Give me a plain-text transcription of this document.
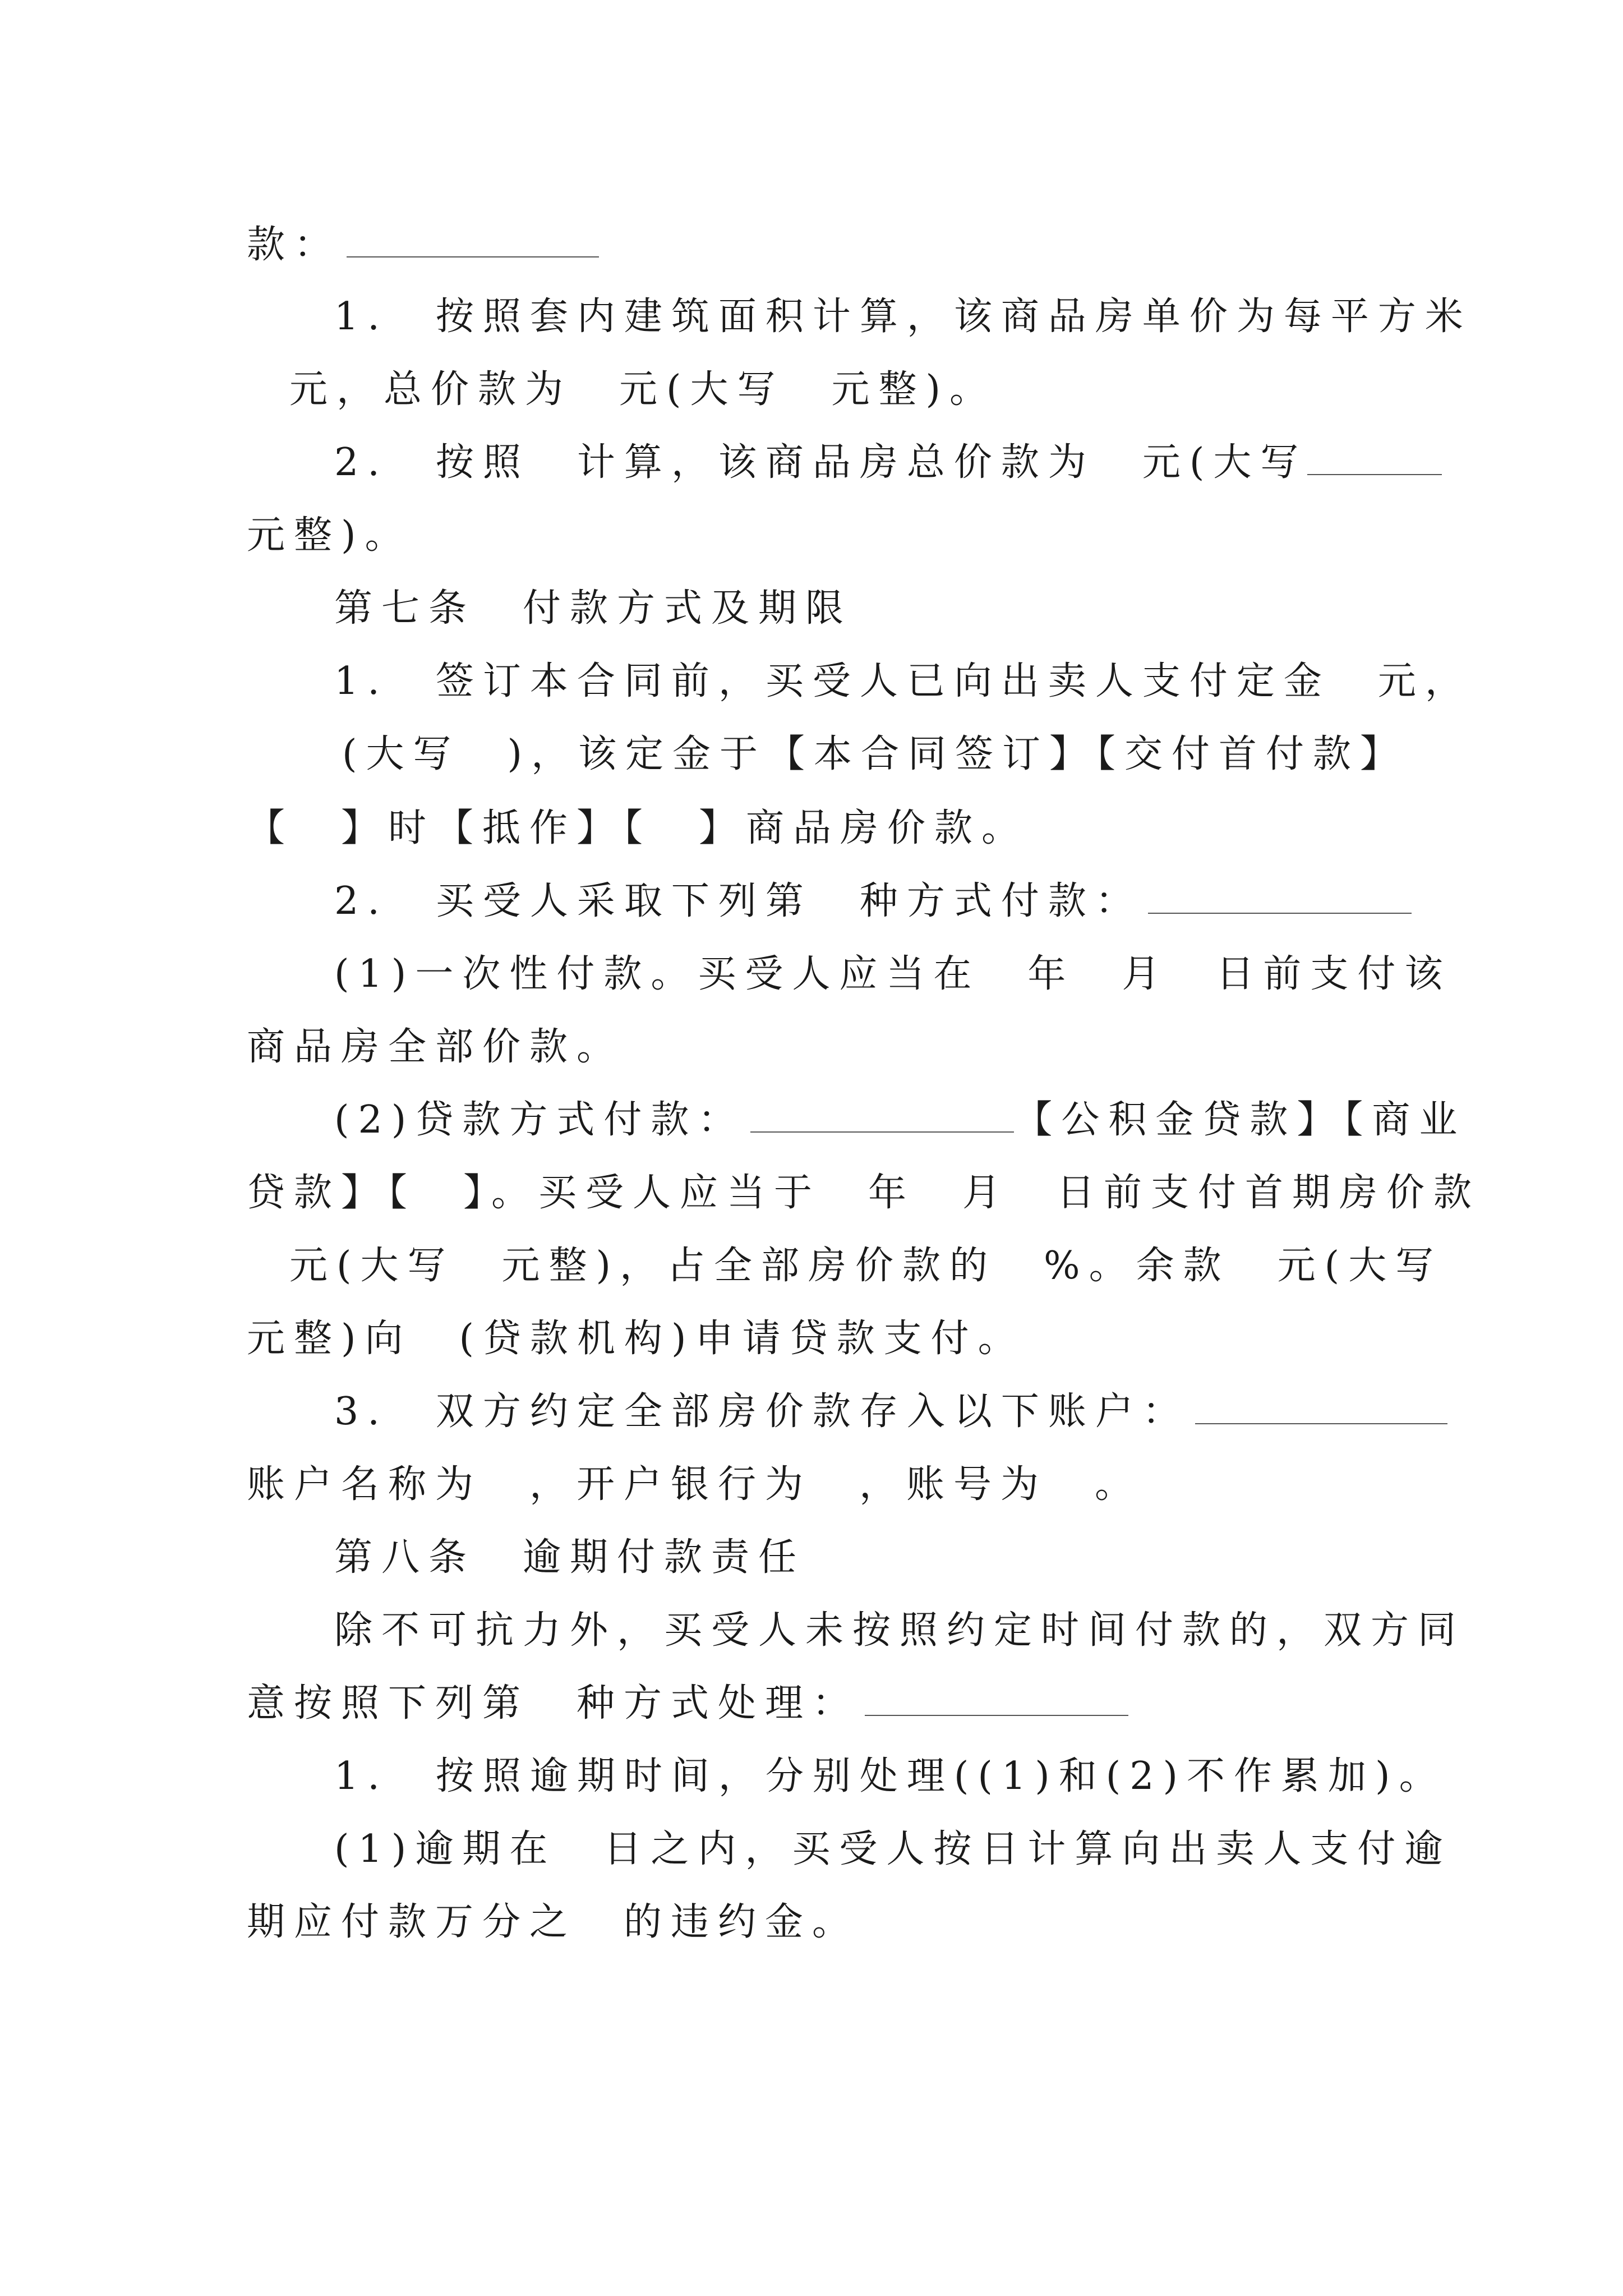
款：
1.　按照套内建筑面积计算，该商品房单价为每平方米
元，总价款为　元(大写　元整)。
2.　按照　计算，该商品房总价款为　元(大写
元整)。
第七条　付款方式及期限
1.　签订本合同前，买受人已向出卖人支付定金　元，
(大写　)，该定金于【本合同签订】【交付首付款】
【　】时【抵作】【　】商品房价款。
2.　买受人采取下列第　种方式付款：
(1)一次性付款。买受人应当在　年　月　日前支付该
商品房全部价款。
(2)贷款方式付款：	【公积金贷款】【商业
贷款】【　】。买受人应当于　年　月　日前支付首期房价款
元(大写　元整)，占全部房价款的　%。余款　元(大写
元整)向　(贷款机构)申请贷款支付。
3.　双方约定全部房价款存入以下账户：
账户名称为　，开户银行为　，账号为　。
第八条　逾期付款责任
除不可抗力外，买受人未按照约定时间付款的，双方同
意按照下列第　种方式处理：
1.　按照逾期时间，分别处理((1)和(2)不作累加)。
(1)逾期在　日之内，买受人按日计算向出卖人支付逾
期应付款万分之　的违约金。
